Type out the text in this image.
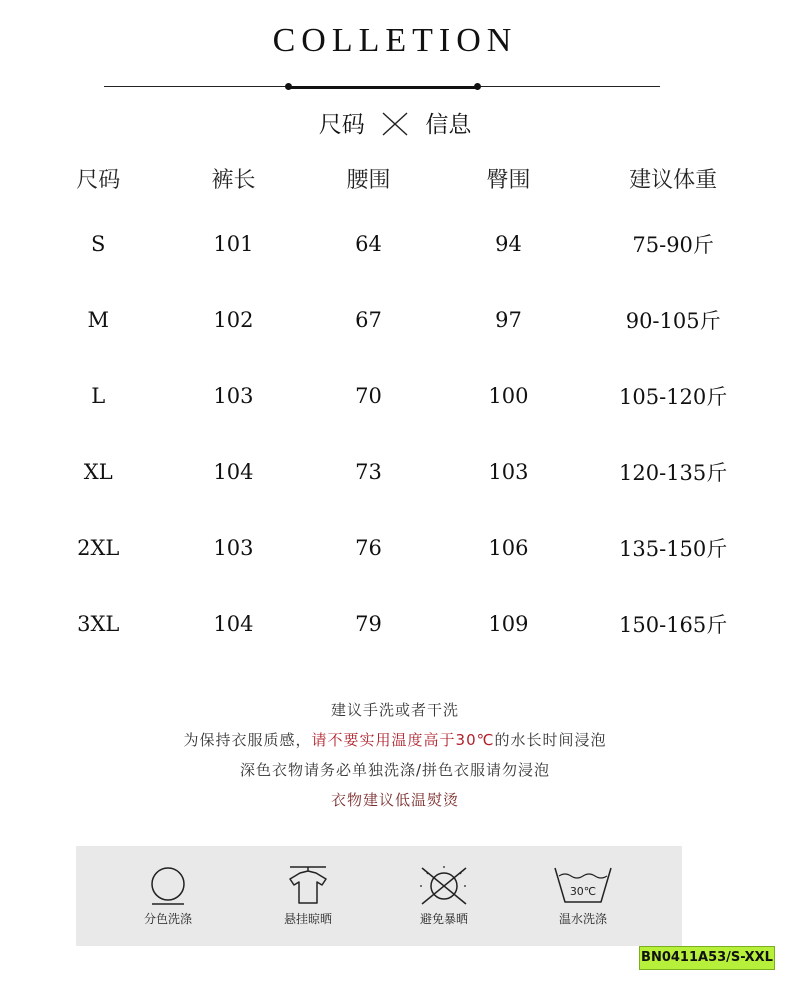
COLLETION
尺码	信息
尺码	裤长	腰围	臀围	建议体重
S	101	64	94	75-90斤
M	102	67	97	90-105斤
L	103	70	100	105-120斤
XL	104	73	103	120-135斤
2XL	103	76	106	135-150斤
3XL	104	79	109	150-165斤
建议手洗或者干洗
为保持衣服质感，请不要实用温度高于30℃的水长时间浸泡
深色衣物请务必单独洗涤/拼色衣服请勿浸泡
衣物建议低温熨烫
分色洗涤	悬挂晾晒	避免暴晒
30℃
温水洗涤
BN0411A53/S-XXL
